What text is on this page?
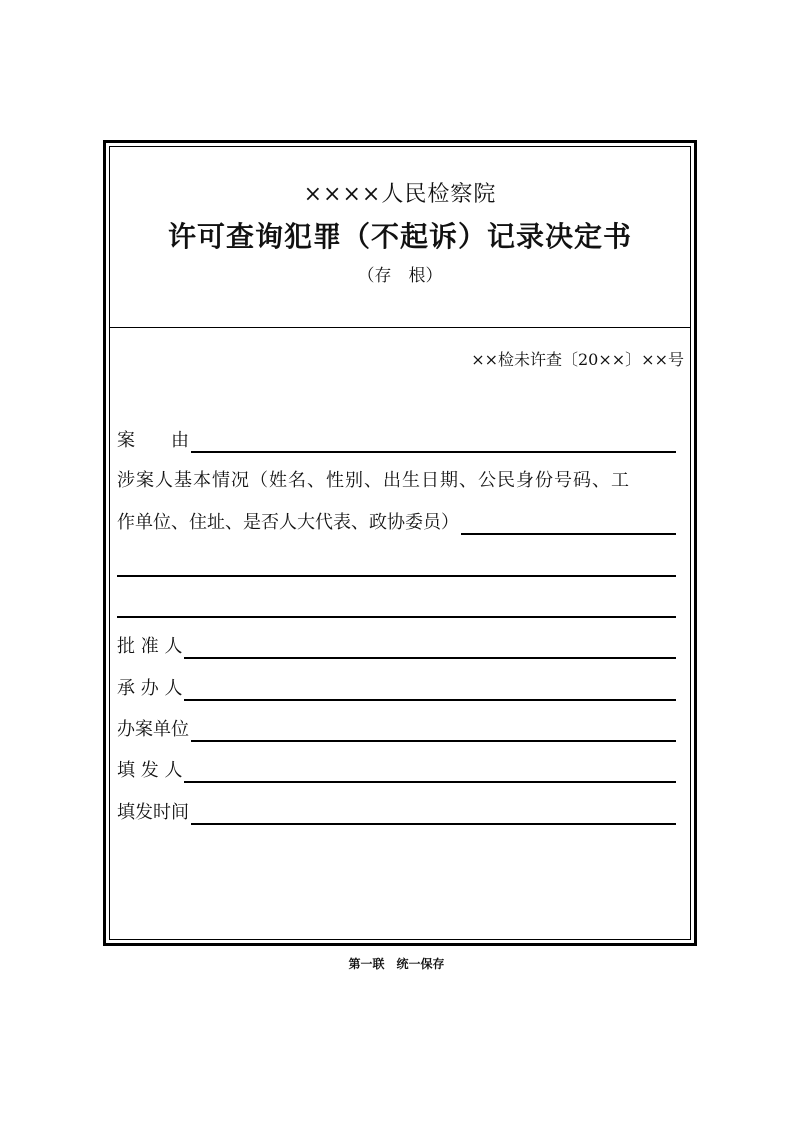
××××人民检察院
许可查询犯罪（不起诉）记录决定书
（存　根）
××检未许查〔20××〕××号
案　　由
涉案人基本情况（姓名、性别、出生日期、公民身份号码、工
作单位、住址、是否人大代表、政协委员）
批 准 人
承 办 人
办案单位
填 发 人
填发时间
第一联　统一保存
